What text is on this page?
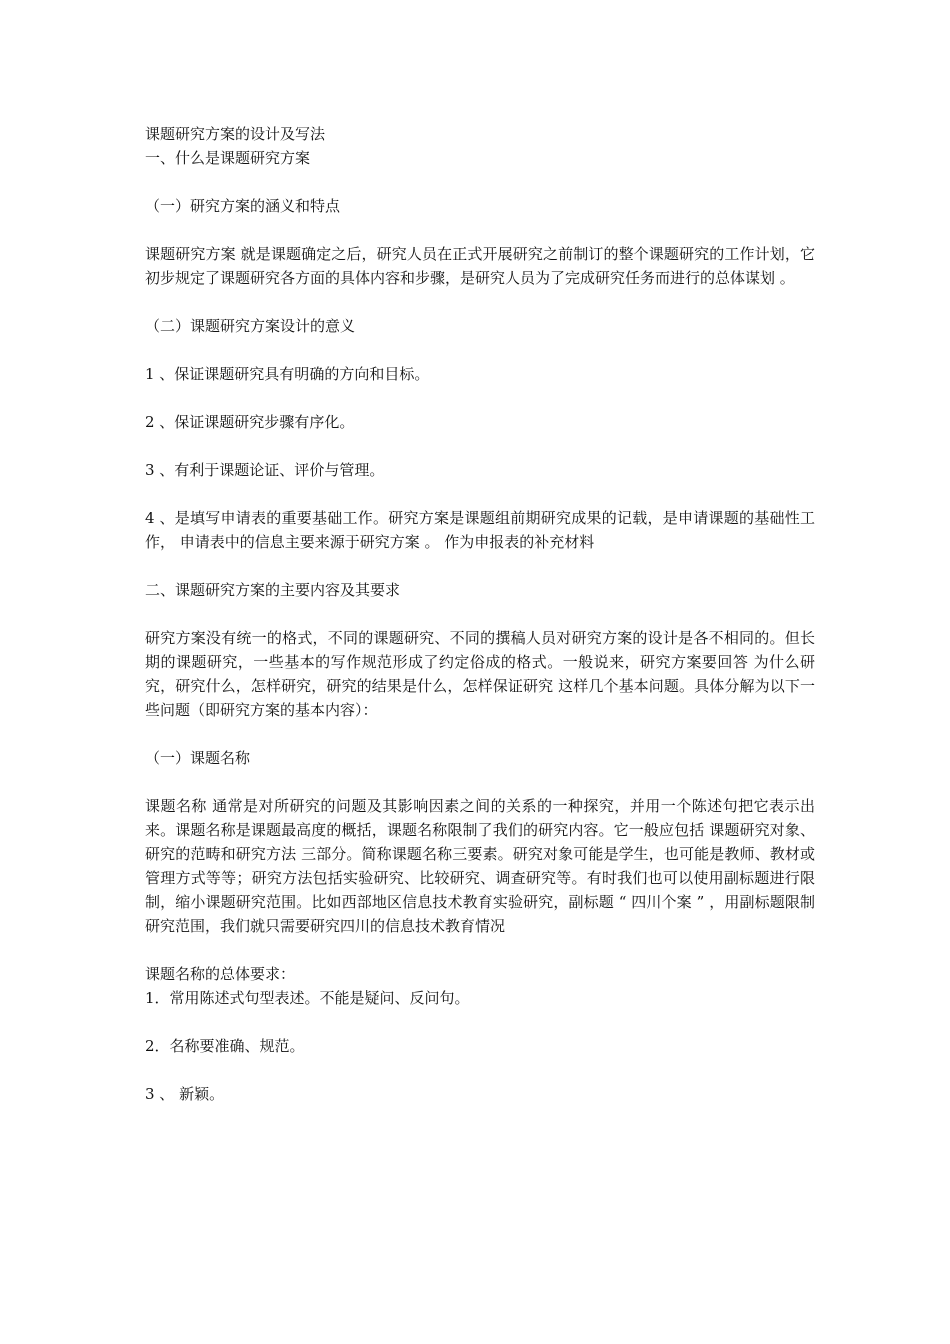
课题研究方案的设计及写法
一、什么是课题研究方案
（一）研究方案的涵义和特点
课题研究方案 就是课题确定之后，研究人员在正式开展研究之前制订的整个课题研究的工作计划，它初步规定了课题研究各方面的具体内容和步骤，是研究人员为了完成研究任务而进行的总体谋划 。
（二）课题研究方案设计的意义
1 、保证课题研究具有明确的方向和目标。
2 、保证课题研究步骤有序化。
3 、有利于课题论证、评价与管理。
4 、是填写申请表的重要基础工作。研究方案是课题组前期研究成果的记载，是申请课题的基础性工作， 申请表中的信息主要来源于研究方案 。 作为申报表的补充材料
二、课题研究方案的主要内容及其要求
研究方案没有统一的格式，不同的课题研究、不同的撰稿人员对研究方案的设计是各不相同的。但长期的课题研究，一些基本的写作规范形成了约定俗成的格式。一般说来，研究方案要回答 为什么研究，研究什么，怎样研究，研究的结果是什么，怎样保证研究 这样几个基本问题。具体分解为以下一些问题（即研究方案的基本内容）：
（一）课题名称
课题名称 通常是对所研究的问题及其影响因素之间的关系的一种探究，并用一个陈述句把它表示出来。课题名称是课题最高度的概括，课题名称限制了我们的研究内容。它一般应包括 课题研究对象、研究的范畴和研究方法 三部分。简称课题名称三要素。研究对象可能是学生，也可能是教师、教材或管理方式等等；研究方法包括实验研究、比较研究、调查研究等。有时我们也可以使用副标题进行限制，缩小课题研究范围。比如西部地区信息技术教育实验研究，副标题 “ 四川个案 ” ，用副标题限制研究范围，我们就只需要研究四川的信息技术教育情况
课题名称的总体要求：
1．常用陈述式句型表述。不能是疑问、反问句。
2．名称要准确、规范。
3 、 新颖。
